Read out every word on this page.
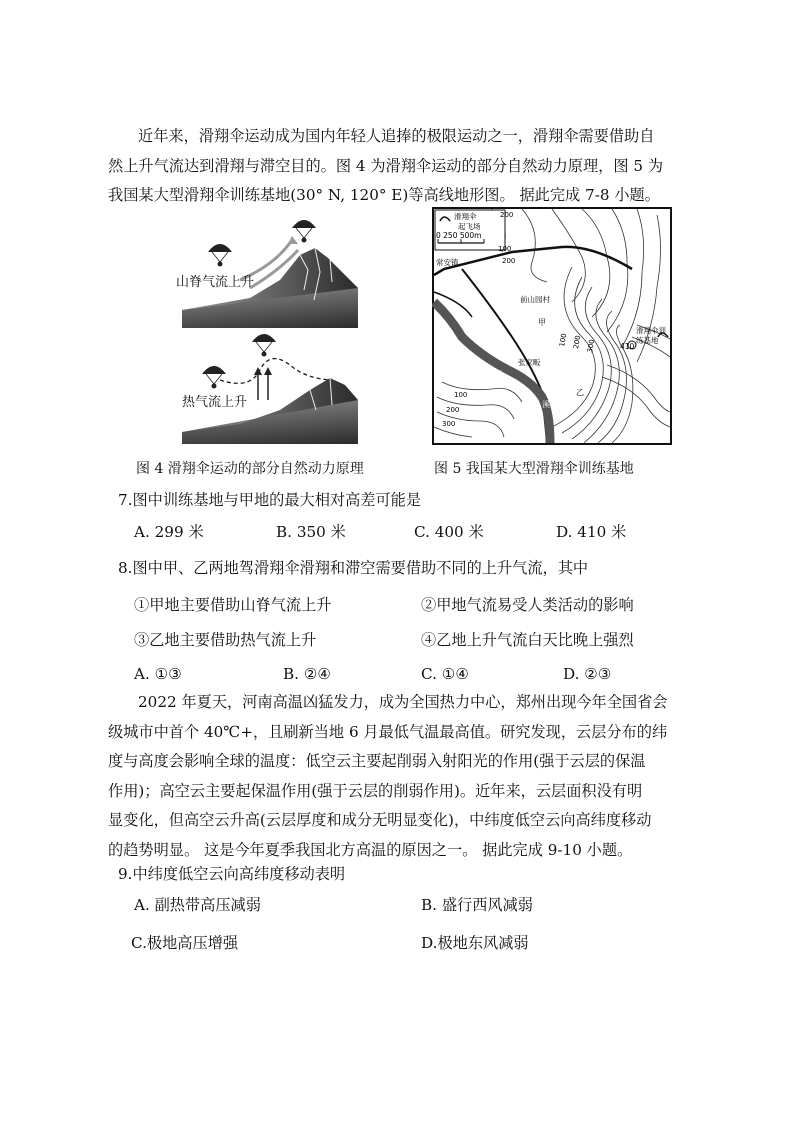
近年来，滑翔伞运动成为国内年轻人追捧的极限运动之一，滑翔伞需要借助自
然上升气流达到滑翔与滞空目的。图 4 为滑翔伞运动的部分自然动力原理，图 5 为
我国某大型滑翔伞训练基地(30° N, 120° E)等高线地形图。 据此完成 7-8 小题。
山脊气流上升
热气流上升
图 4 滑翔伞运动的部分自然动力原理
滑翔伞
起飞场
0 250 500m
常安镇
前山园村
甲
张家畈
乙
滑翔伞训
练基地
410
壶
源
溪
200
100
200
100 200 300
100
200
300
图 5 我国某大型滑翔伞训练基地
7.图中训练基地与甲地的最大相对高差可能是
A. 299 米	B. 350 米	C. 400 米	D. 410 米
8.图中甲、乙两地驾滑翔伞滑翔和滞空需要借助不同的上升气流，其中
①甲地主要借助山脊气流上升	②甲地气流易受人类活动的影响
③乙地主要借助热气流上升	④乙地上升气流白天比晚上强烈
A. ①③	B. ②④	C. ①④	D. ②③
2022 年夏天，河南高温凶猛发力，成为全国热力中心，郑州出现今年全国省会
级城市中首个 40℃+，且刷新当地 6 月最低气温最高值。研究发现，云层分布的纬
度与高度会影响全球的温度：低空云主要起削弱入射阳光的作用(强于云层的保温
作用)；高空云主要起保温作用(强于云层的削弱作用)。近年来，云层面积没有明
显变化，但高空云升高(云层厚度和成分无明显变化)，中纬度低空云向高纬度移动
的趋势明显。 这是今年夏季我国北方高温的原因之一。 据此完成 9-10 小题。
9.中纬度低空云向高纬度移动表明
A. 副热带高压减弱	B. 盛行西风减弱
C.极地高压增强	D.极地东风减弱
